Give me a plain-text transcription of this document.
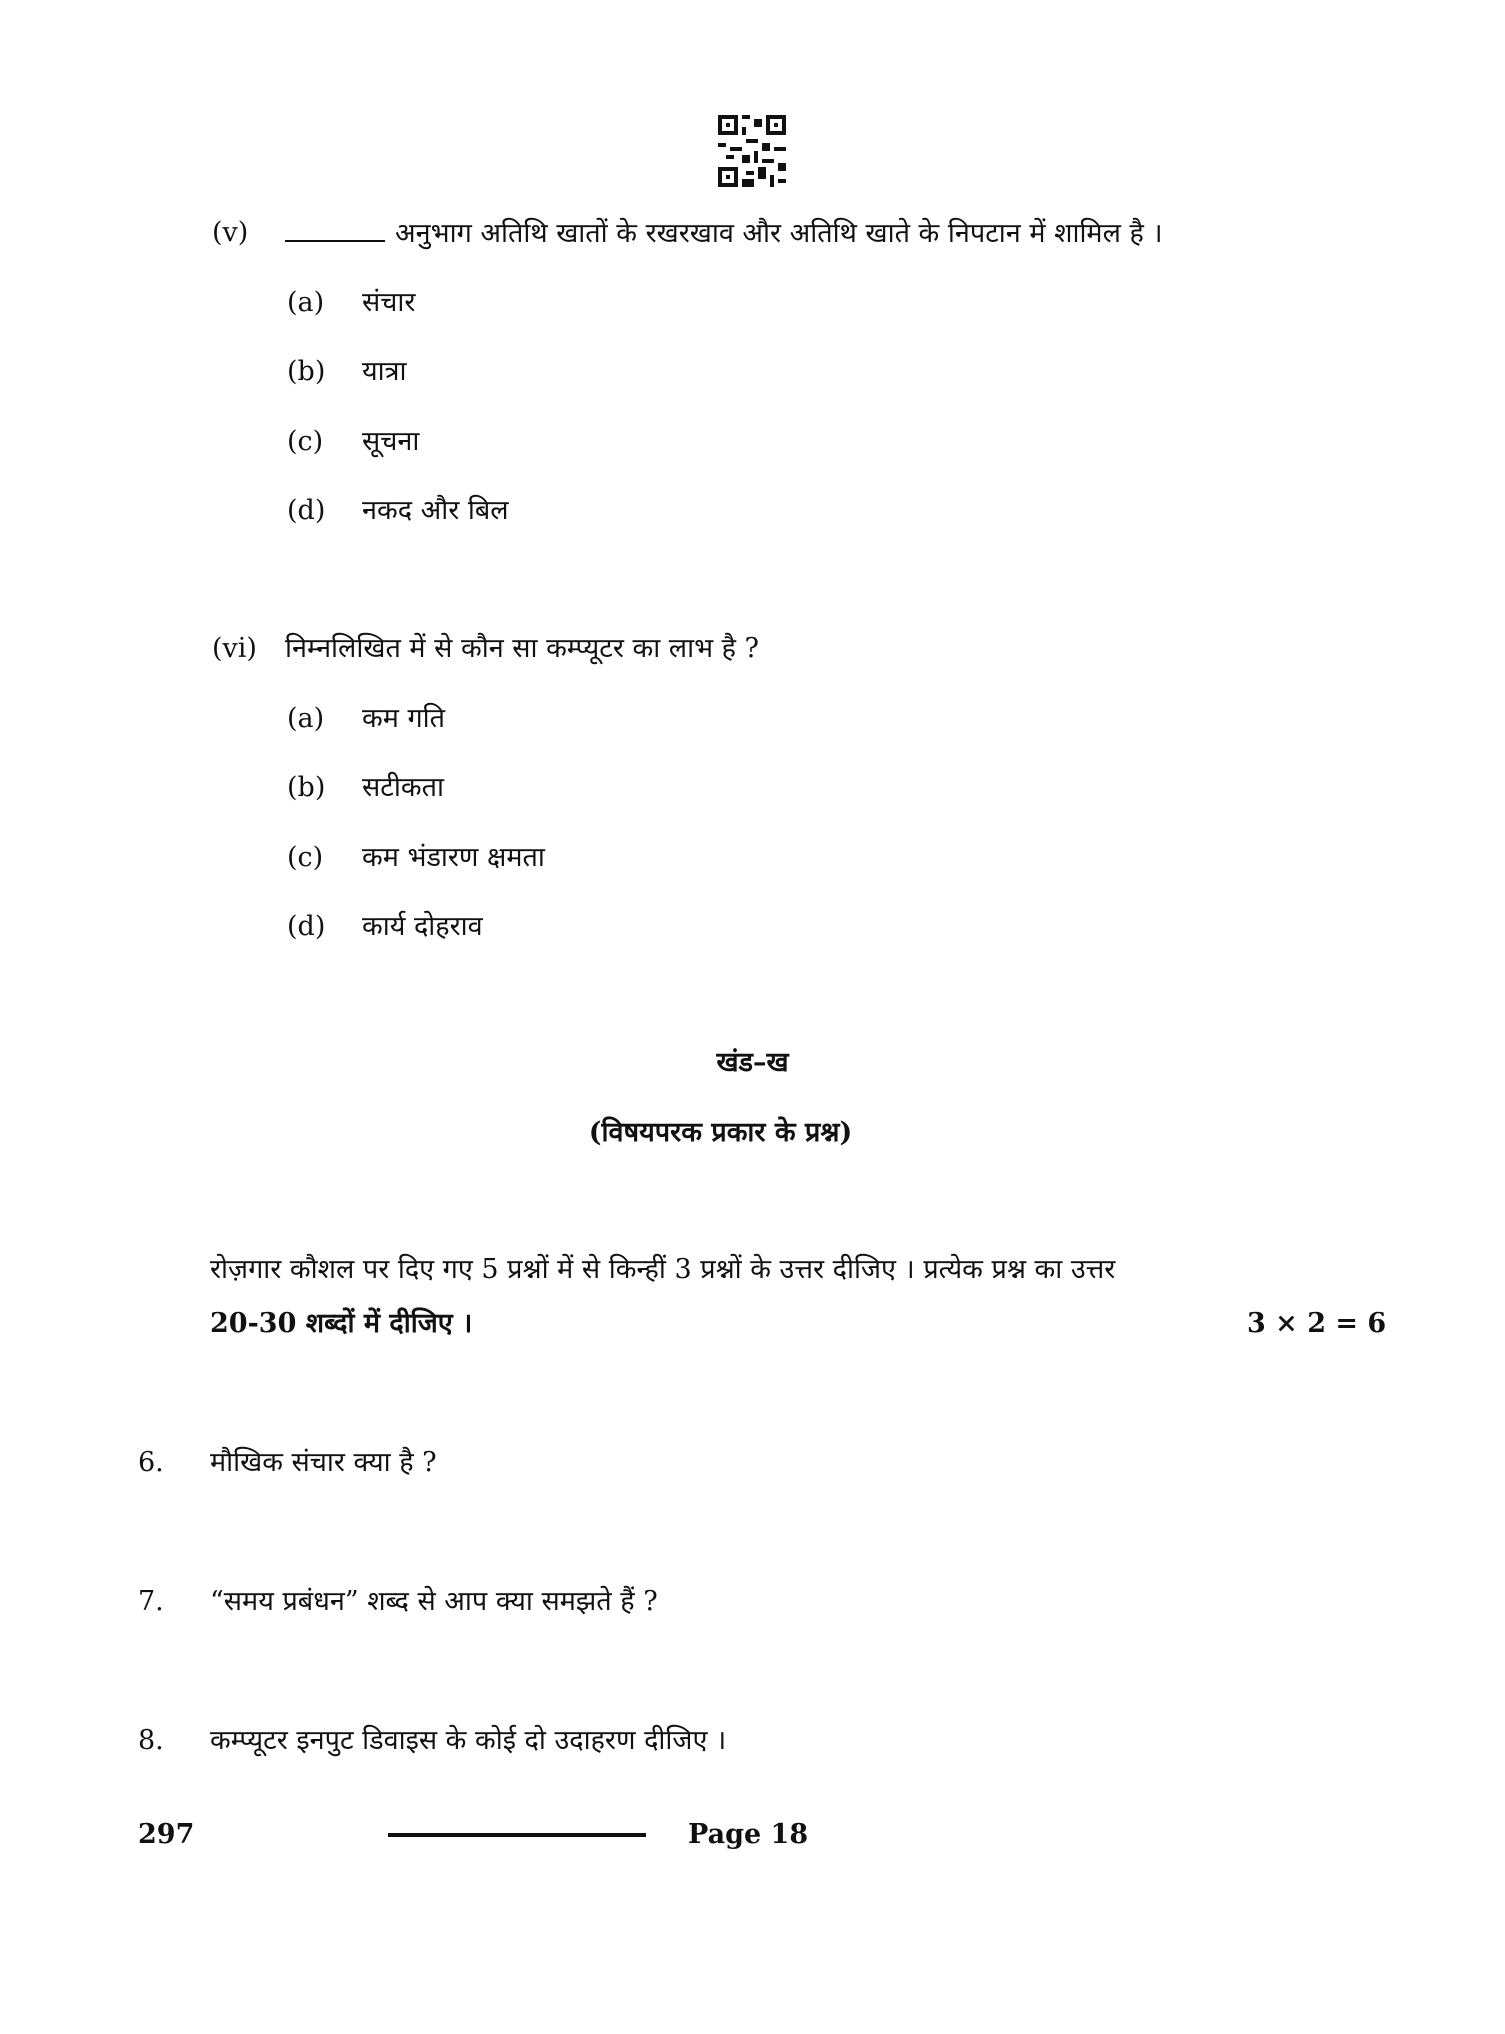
(v)	अनुभाग अतिथि खातों के रखरखाव और अतिथि खाते के निपटान में शामिल है ।
(a) संचार
(b) यात्रा
(c) सूचना
(d) नकद और बिल
(vi) निम्नलिखित में से कौन सा कम्प्यूटर का लाभ है ?
(a) कम गति
(b) सटीकता
(c) कम भंडारण क्षमता
(d) कार्य दोहराव
खंड–ख
(विषयपरक प्रकार के प्रश्न)
रोज़गार कौशल पर दिए गए 5 प्रश्नों में से किन्हीं 3 प्रश्नों के उत्तर दीजिए । प्रत्येक प्रश्न का उत्तर
20-30 शब्दों में दीजिए ।	3 × 2 = 6
6. मौखिक संचार क्या है ?
7. “समय प्रबंधन” शब्द से आप क्या समझते हैं ?
8. कम्प्यूटर इनपुट डिवाइस के कोई दो उदाहरण दीजिए ।
297	Page 18
